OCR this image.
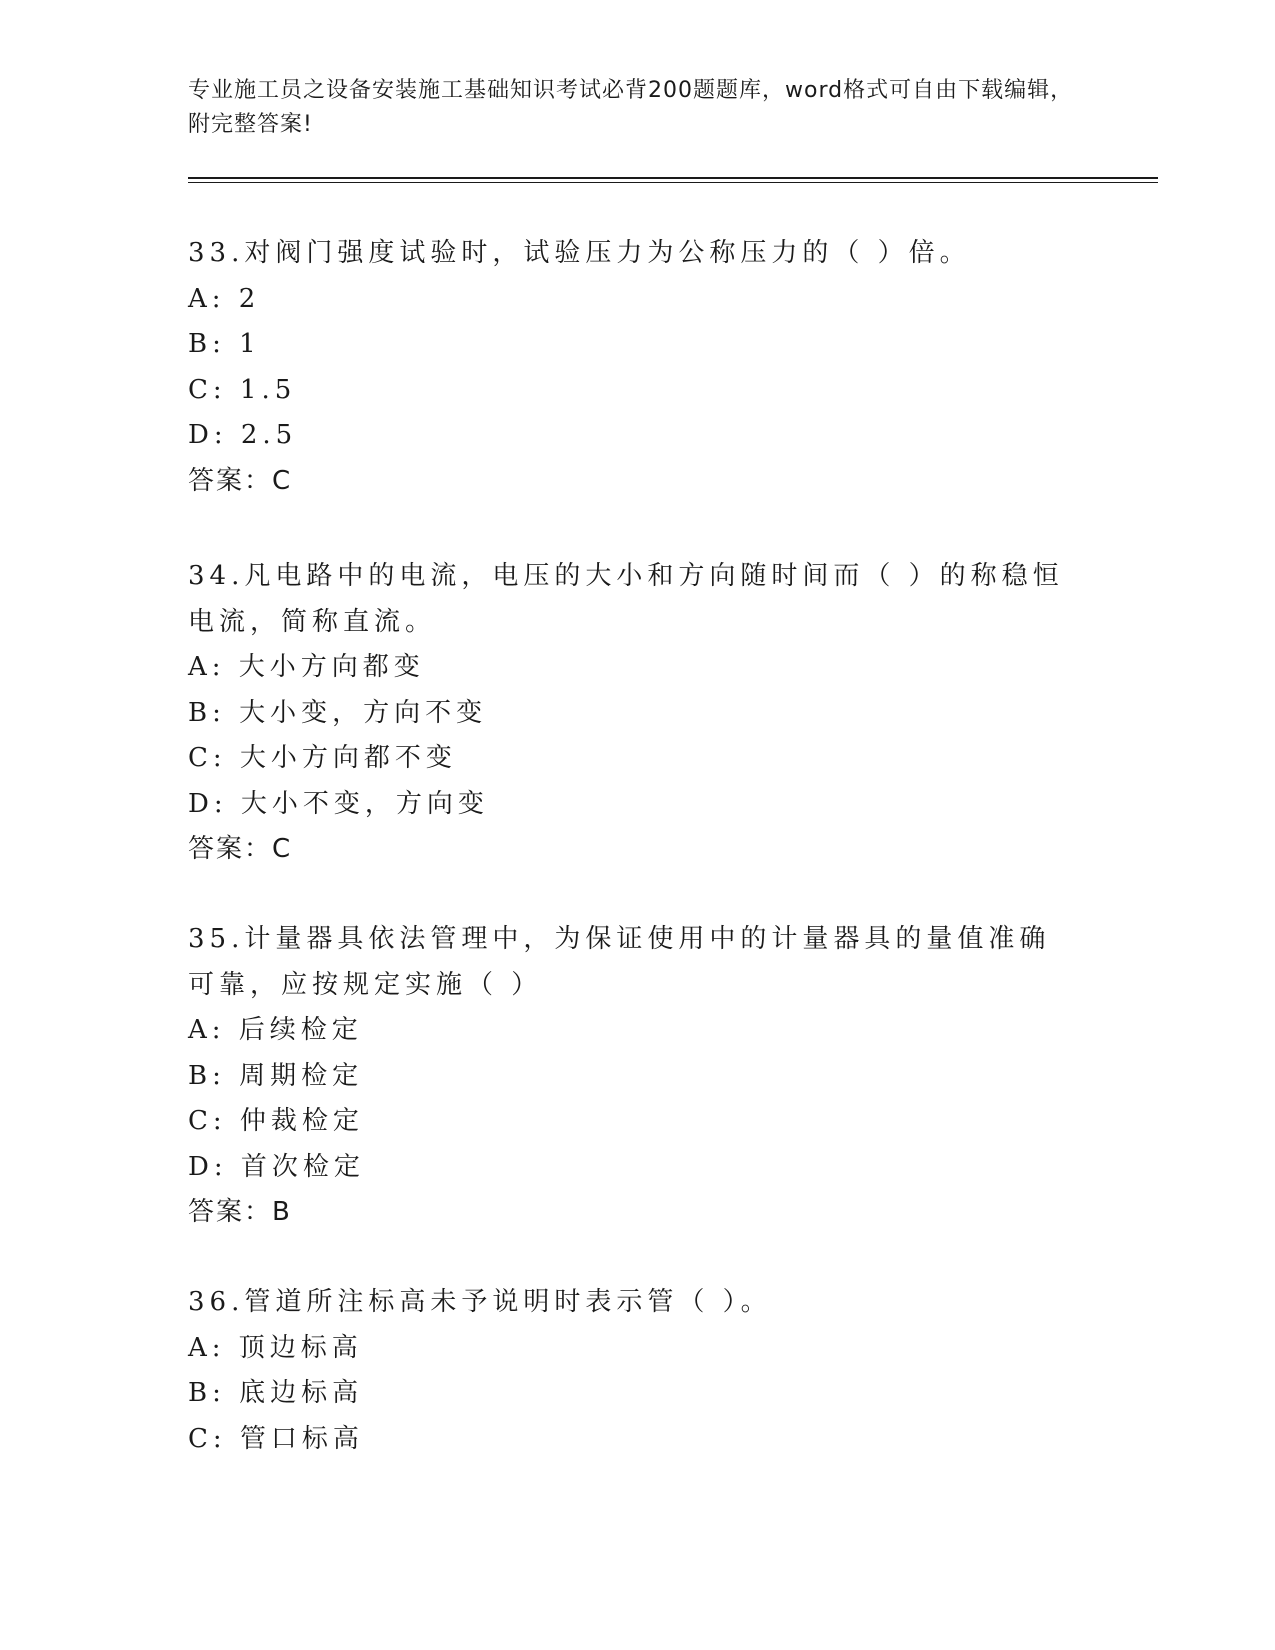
专业施工员之设备安装施工基础知识考试必背200题题库，word格式可自由下载编辑，附完整答案!
33.对阀门强度试验时，试验压力为公称压力的（ ）倍。
A: 2
B: 1
C: 1.5
D: 2.5
答案：C
34.凡电路中的电流，电压的大小和方向随时间而（ ）的称稳恒电流，简称直流。
A: 大小方向都变
B: 大小变，方向不变
C: 大小方向都不变
D: 大小不变，方向变
答案：C
35.计量器具依法管理中，为保证使用中的计量器具的量值准确可靠，应按规定实施（ ）
A: 后续检定
B: 周期检定
C: 仲裁检定
D: 首次检定
答案：B
36.管道所注标高未予说明时表示管（ ）。
A: 顶边标高
B: 底边标高
C: 管口标高
